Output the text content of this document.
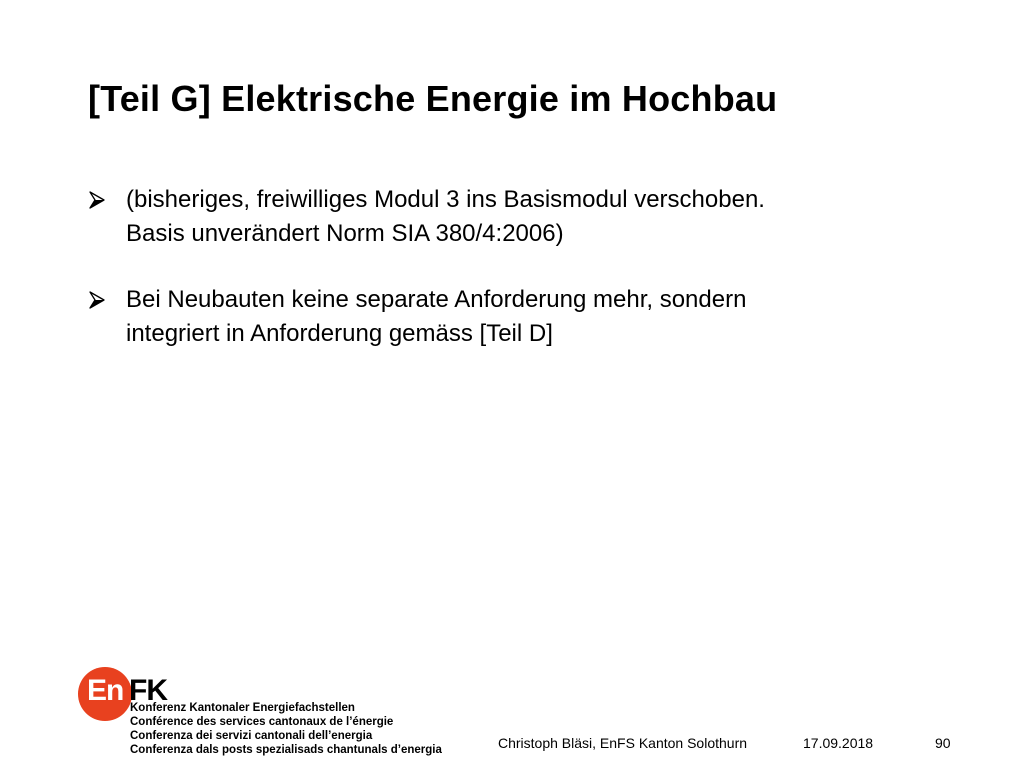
[Teil G] Elektrische Energie im Hochbau
(bisheriges, freiwilliges Modul 3 ins Basismodul verschoben.
Basis unverändert Norm SIA 380/4:2006)
Bei Neubauten keine separate Anforderung mehr, sondern
integriert in Anforderung gemäss [Teil D]
En FK
Konferenz Kantonaler Energiefachstellen
Conférence des services cantonaux de l’énergie
Conferenza dei servizi cantonali dell’energia
Conferenza dals posts spezialisads chantunals d’energia	Christoph Bläsi, EnFS Kanton Solothurn	17.09.2018	90
